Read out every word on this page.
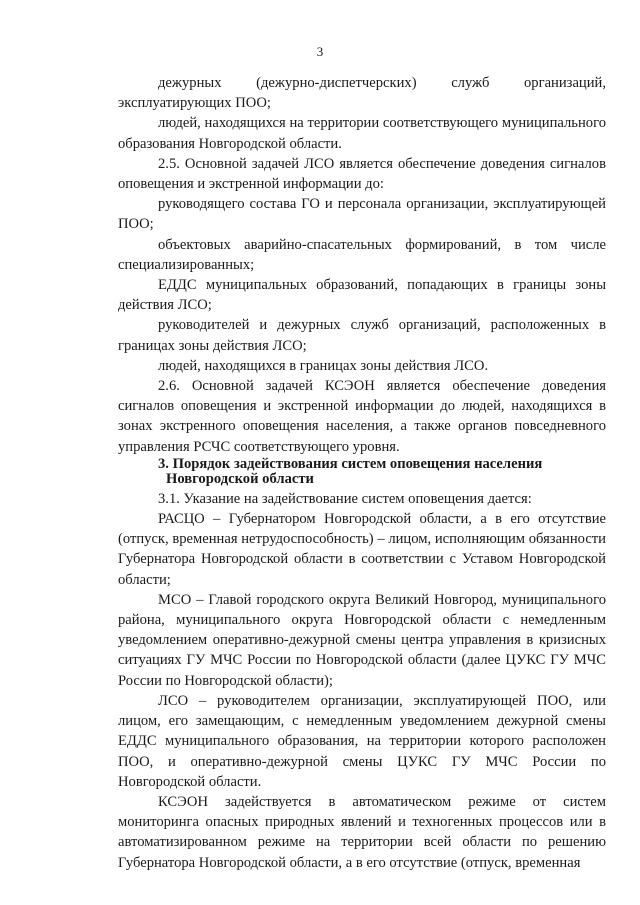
3

дежурных (дежурно-диспетчерских) служб организаций, эксплуатирующих ПОО;

людей, находящихся на территории соответствующего муниципального образования Новгородской области.

2.5. Основной задачей ЛСО является обеспечение доведения сигналов оповещения и экстренной информации до:

руководящего состава ГО и персонала организации, эксплуатирующей ПОО;

объектовых аварийно-спасательных формирований, в том числе специализированных;

ЕДДС муниципальных образований, попадающих в границы зоны действия ЛСО;

руководителей и дежурных служб организаций, расположенных в границах зоны действия ЛСО;

людей, находящихся в границах зоны действия ЛСО.

2.6. Основной задачей КСЭОН является обеспечение доведения сигналов оповещения и экстренной информации до людей, находящихся в зонах экстренного оповещения населения, а также органов повседневного управления РСЧС соответствующего уровня.

3. Порядок задействования систем оповещения населения
Новгородской области

3.1. Указание на задействование систем оповещения дается:

РАСЦО – Губернатором Новгородской области, а в его отсутствие (отпуск, временная нетрудоспособность) – лицом, исполняющим обязанности Губернатора Новгородской области в соответствии с Уставом Новгородской области;

МСО – Главой городского округа Великий Новгород, муниципального района, муниципального округа Новгородской области с немедленным уведомлением оперативно-дежурной смены центра управления в кризисных ситуациях ГУ МЧС России по Новгородской области (далее ЦУКС ГУ МЧС России по Новгородской области);

ЛСО – руководителем организации, эксплуатирующей ПОО, или лицом, его замещающим, с немедленным уведомлением дежурной смены ЕДДС муниципального образования, на территории которого расположен ПОО, и оперативно-дежурной смены ЦУКС ГУ МЧС России по Новгородской области.

КСЭОН задействуется в автоматическом режиме от систем мониторинга опасных природных явлений и техногенных процессов или в автоматизированном режиме на территории всей области по решению Губернатора Новгородской области, а в его отсутствие (отпуск, временная
